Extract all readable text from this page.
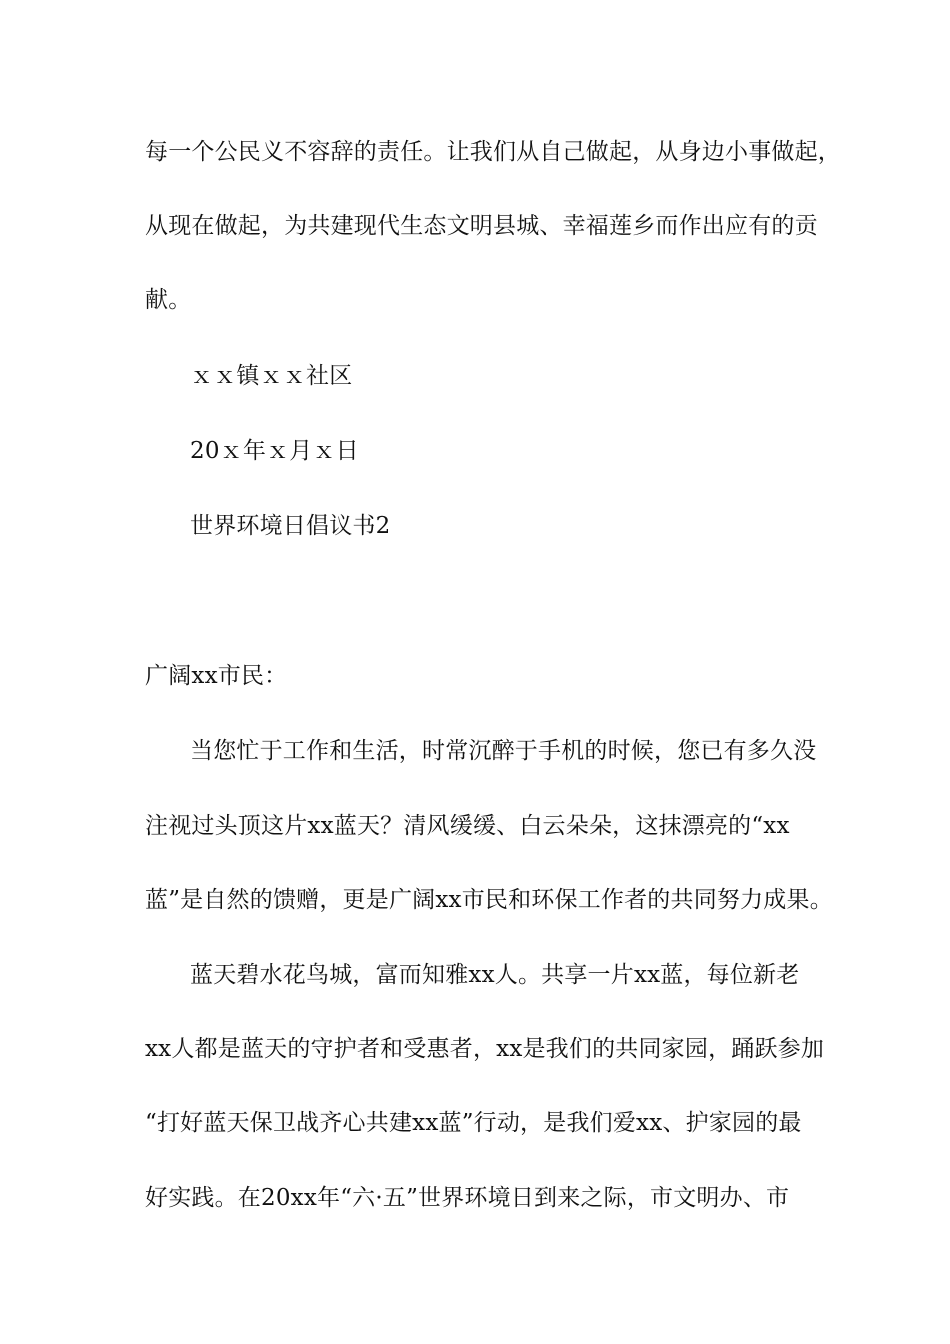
每一个公民义不容辞的责任。让我们从自己做起，从身边小事做起，
从现在做起，为共建现代生态文明县城、幸福莲乡而作出应有的贡
献。
ｘｘ镇ｘｘ社区
20ｘ年ｘ月ｘ日
世界环境日倡议书2
广阔xx市民：
当您忙于工作和生活，时常沉醉于手机的时候，您已有多久没
注视过头顶这片xx蓝天？清风缓缓、白云朵朵，这抹漂亮的“xx
蓝”是自然的馈赠，更是广阔xx市民和环保工作者的共同努力成果。
蓝天碧水花鸟城，富而知雅xx人。共享一片xx蓝，每位新老
xx人都是蓝天的守护者和受惠者，xx是我们的共同家园，踊跃参加
“打好蓝天保卫战齐心共建xx蓝”行动，是我们爱xx、护家园的最
好实践。在20xx年“六·五”世界环境日到来之际，市文明办、市
